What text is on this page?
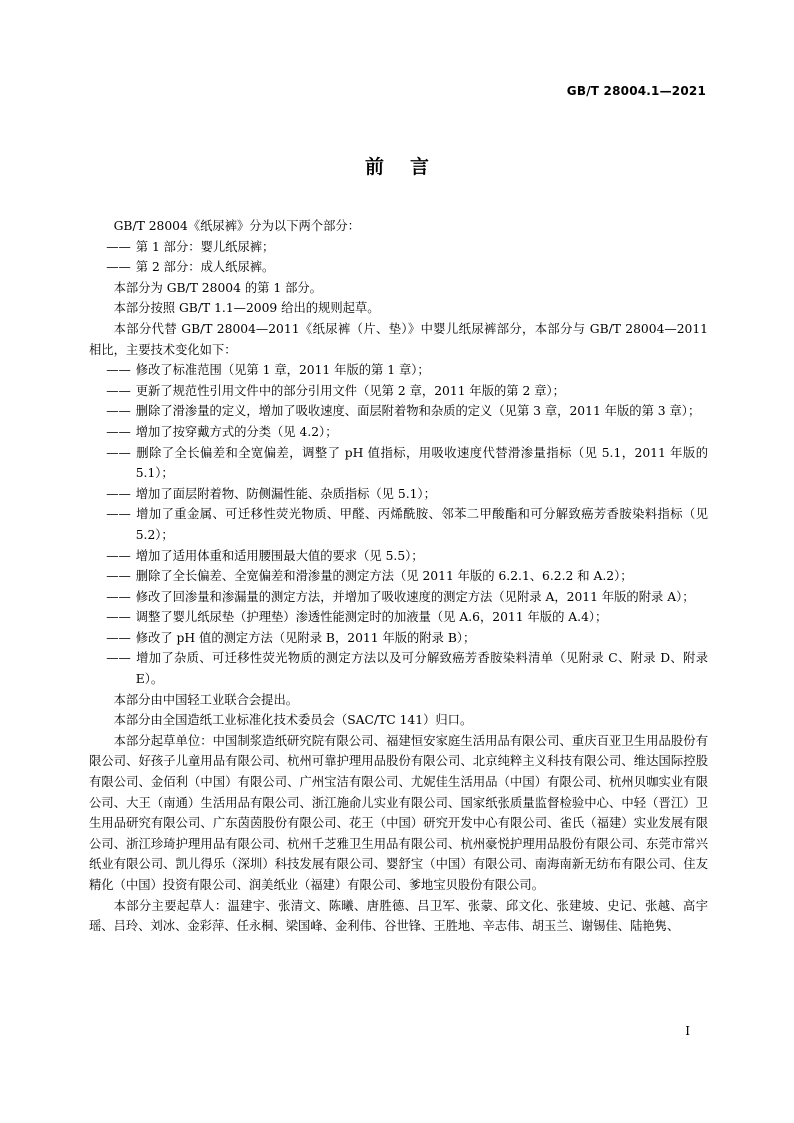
GB/T 28004.1—2021
前言

GB/T 28004《纸尿裤》分为以下两个部分：

—— 第 1 部分：婴儿纸尿裤；

—— 第 2 部分：成人纸尿裤。

本部分为 GB/T 28004 的第 1 部分。

本部分按照 GB/T 1.1—2009 给出的规则起草。

本部分代替 GB/T 28004—2011《纸尿裤（片、垫）》中婴儿纸尿裤部分，本部分与 GB/T 28004—2011 相比，主要技术变化如下：

—— 修改了标准范围（见第 1 章，2011 年版的第 1 章）；

—— 更新了规范性引用文件中的部分引用文件（见第 2 章，2011 年版的第 2 章）；

—— 删除了滑渗量的定义，增加了吸收速度、面层附着物和杂质的定义（见第 3 章，2011 年版的第 3 章）；

—— 增加了按穿戴方式的分类（见 4.2）；

—— 删除了全长偏差和全宽偏差，调整了 pH 值指标，用吸收速度代替滑渗量指标（见 5.1，2011 年版的 5.1）；

—— 增加了面层附着物、防侧漏性能、杂质指标（见 5.1）；

—— 增加了重金属、可迁移性荧光物质、甲醛、丙烯酰胺、邻苯二甲酸酯和可分解致癌芳香胺染料指标（见 5.2）；

—— 增加了适用体重和适用腰围最大值的要求（见 5.5）；

—— 删除了全长偏差、全宽偏差和滑渗量的测定方法（见 2011 年版的 6.2.1、6.2.2 和 A.2）；

—— 修改了回渗量和渗漏量的测定方法，并增加了吸收速度的测定方法（见附录 A，2011 年版的附录 A）；

—— 调整了婴儿纸尿垫（护理垫）渗透性能测定时的加液量（见 A.6，2011 年版的 A.4）；

—— 修改了 pH 值的测定方法（见附录 B，2011 年版的附录 B）；

—— 增加了杂质、可迁移性荧光物质的测定方法以及可分解致癌芳香胺染料清单（见附录 C、附录 D、附录 E）。

本部分由中国轻工业联合会提出。

本部分由全国造纸工业标准化技术委员会（SAC/TC 141）归口。

本部分起草单位：中国制浆造纸研究院有限公司、福建恒安家庭生活用品有限公司、重庆百亚卫生用品股份有限公司、好孩子儿童用品有限公司、杭州可靠护理用品股份有限公司、北京纯粹主义科技有限公司、维达国际控股有限公司、金佰利（中国）有限公司、广州宝洁有限公司、尤妮佳生活用品（中国）有限公司、杭州贝咖实业有限公司、大王（南通）生活用品有限公司、浙江施俞儿实业有限公司、国家纸张质量监督检验中心、中轻（晋江）卫生用品研究有限公司、广东茵茵股份有限公司、花王（中国）研究开发中心有限公司、雀氏（福建）实业发展有限公司、浙江珍琦护理用品有限公司、杭州千芝雅卫生用品有限公司、杭州豪悦护理用品股份有限公司、东莞市常兴纸业有限公司、凯儿得乐（深圳）科技发展有限公司、婴舒宝（中国）有限公司、南海南新无纺布有限公司、住友精化（中国）投资有限公司、润美纸业（福建）有限公司、爹地宝贝股份有限公司。

本部分主要起草人：温建宇、张清文、陈曦、唐胜德、吕卫军、张蒙、邱文化、张建坡、史记、张越、高宇瑶、吕玲、刘冰、金彩萍、任永桐、梁国峰、金利伟、谷世锋、王胜地、辛志伟、胡玉兰、谢锡佳、陆艳隽、

I
